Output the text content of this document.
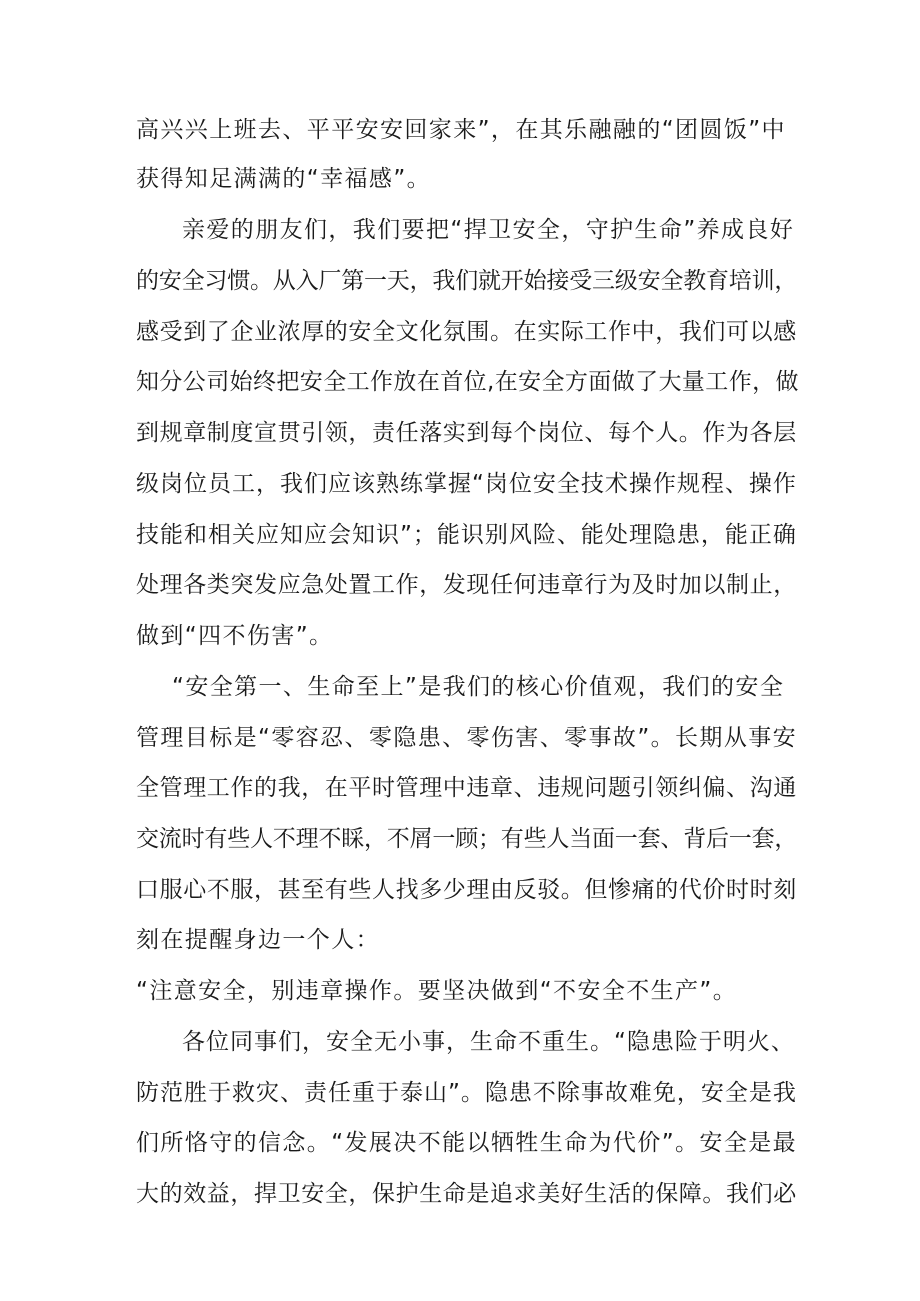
高兴兴上班去、平平安安回家来”，在其乐融融的“团圆饭”中

获得知足满满的“幸福感”。

亲爱的朋友们，我们要把“捍卫安全，守护生命”养成良好

的安全习惯。从入厂第一天，我们就开始接受三级安全教育培训，

感受到了企业浓厚的安全文化氛围。在实际工作中，我们可以感

知分公司始终把安全工作放在首位,在安全方面做了大量工作，做

到规章制度宣贯引领，责任落实到每个岗位、每个人。作为各层

级岗位员工，我们应该熟练掌握“岗位安全技术操作规程、操作

技能和相关应知应会知识”；能识别风险、能处理隐患，能正确

处理各类突发应急处置工作，发现任何违章行为及时加以制止，

做到“四不伤害”。

“安全第一、生命至上”是我们的核心价值观，我们的安全

管理目标是“零容忍、零隐患、零伤害、零事故”。长期从事安

全管理工作的我，在平时管理中违章、违规问题引领纠偏、沟通

交流时有些人不理不睬，不屑一顾；有些人当面一套、背后一套，

口服心不服，甚至有些人找多少理由反驳。但惨痛的代价时时刻

刻在提醒身边一个人：

“注意安全，别违章操作。要坚决做到“不安全不生产”。

各位同事们，安全无小事，生命不重生。“隐患险于明火、

防范胜于救灾、责任重于泰山”。隐患不除事故难免，安全是我

们所恪守的信念。“发展决不能以牺牲生命为代价”。安全是最

大的效益，捍卫安全，保护生命是追求美好生活的保障。我们必
